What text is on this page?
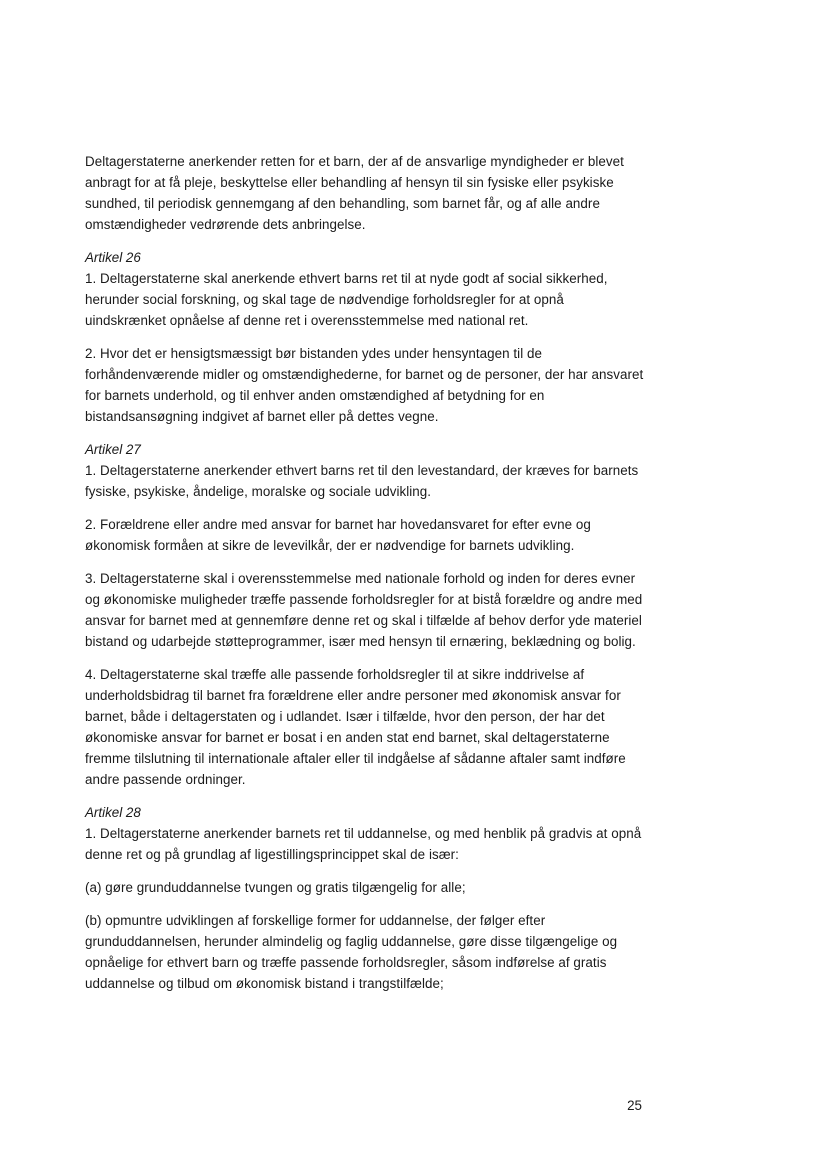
Deltagerstaterne anerkender retten for et barn, der af de ansvarlige myndigheder er blevet anbragt for at få pleje, beskyttelse eller behandling af hensyn til sin fysiske eller psykiske sundhed, til periodisk gennemgang af den behandling, som barnet får, og af alle andre omstændigheder vedrørende dets anbringelse.

Artikel 26

1. Deltagerstaterne skal anerkende ethvert barns ret til at nyde godt af social sikkerhed, herunder social forskning, og skal tage de nødvendige forholdsregler for at opnå uindskrænket opnåelse af denne ret i overensstemmelse med national ret.

2. Hvor det er hensigtsmæssigt bør bistanden ydes under hensyntagen til de forhåndenværende midler og omstændighederne, for barnet og de personer, der har ansvaret for barnets underhold, og til enhver anden omstændighed af betydning for en bistandsansøgning indgivet af barnet eller på dettes vegne.

Artikel 27

1. Deltagerstaterne anerkender ethvert barns ret til den levestandard, der kræves for barnets fysiske, psykiske, åndelige, moralske og sociale udvikling.

2. Forældrene eller andre med ansvar for barnet har hovedansvaret for efter evne og økonomisk formåen at sikre de levevilkår, der er nødvendige for barnets udvikling.

3. Deltagerstaterne skal i overensstemmelse med nationale forhold og inden for deres evner og økonomiske muligheder træffe passende forholdsregler for at bistå forældre og andre med ansvar for barnet med at gennemføre denne ret og skal i tilfælde af behov derfor yde materiel bistand og udarbejde støtteprogrammer, især med hensyn til ernæring, beklædning og bolig.

4. Deltagerstaterne skal træffe alle passende forholdsregler til at sikre inddrivelse af underholdsbidrag til barnet fra forældrene eller andre personer med økonomisk ansvar for barnet, både i deltagerstaten og i udlandet. Især i tilfælde, hvor den person, der har det økonomiske ansvar for barnet er bosat i en anden stat end barnet, skal deltagerstaterne fremme tilslutning til internationale aftaler eller til indgåelse af sådanne aftaler samt indføre andre passende ordninger.

Artikel 28

1. Deltagerstaterne anerkender barnets ret til uddannelse, og med henblik på gradvis at opnå denne ret og på grundlag af ligestillingsprincippet skal de især:

(a) gøre grunduddannelse tvungen og gratis tilgængelig for alle;

(b) opmuntre udviklingen af forskellige former for uddannelse, der følger efter grunduddannelsen, herunder almindelig og faglig uddannelse, gøre disse tilgængelige og opnåelige for ethvert barn og træffe passende forholdsregler, såsom indførelse af gratis uddannelse og tilbud om økonomisk bistand i trangstilfælde;

25
